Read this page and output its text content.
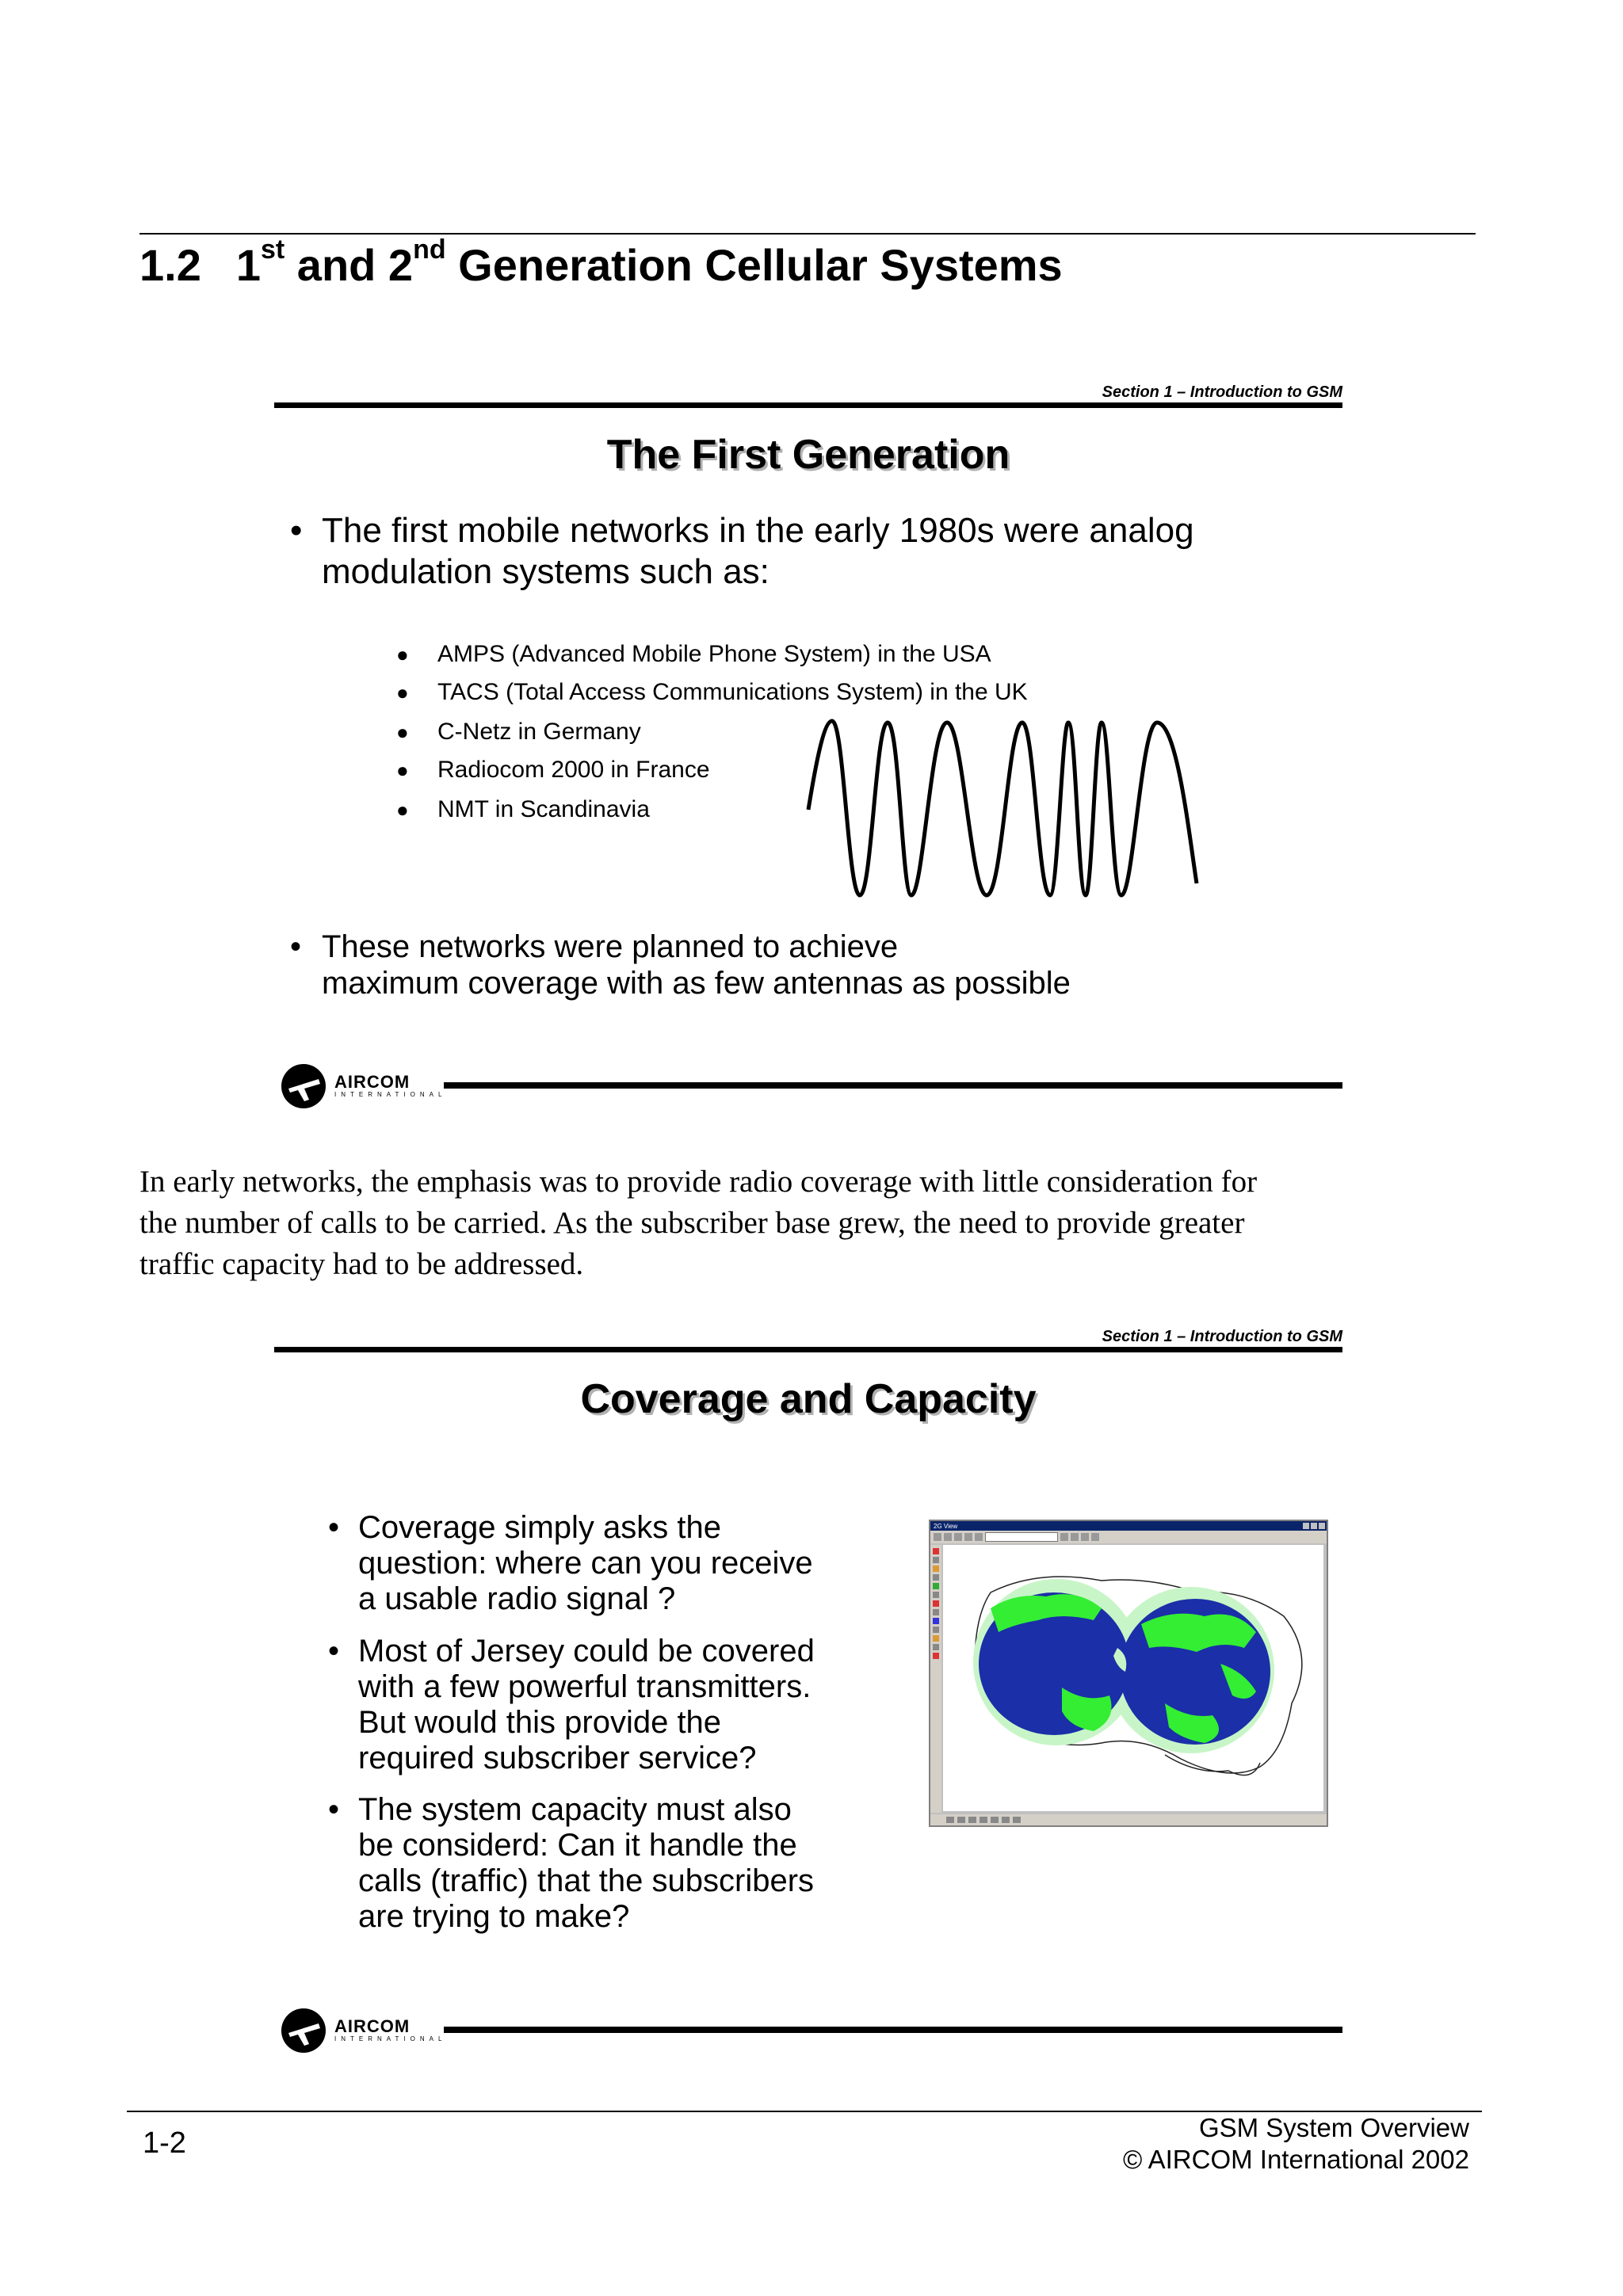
1.2 1st and 2nd Generation Cellular Systems
Section 1 – Introduction to GSM
The First Generation
• The first mobile networks in the early 1980s were analog
modulation systems such as:
● AMPS (Advanced Mobile Phone System) in the USA
● TACS (Total Access Communications System) in the UK
● C-Netz in Germany
● Radiocom 2000 in France
● NMT in Scandinavia
• These networks were planned to achieve
maximum coverage with as few antennas as possible
AIRCOM
INTERNATIONAL
In early networks, the emphasis was to provide radio coverage with little consideration for
the number of calls to be carried. As the subscriber base grew, the need to provide greater
traffic capacity had to be addressed.
Section 1 – Introduction to GSM
Coverage and Capacity
• Coverage simply asks the
question: where can you receive
a usable radio signal ?
• Most of Jersey could be covered
with a few powerful transmitters.
But would this provide the
required subscriber service?
• The system capacity must also
be considerd: Can it handle the
calls (traffic) that the subscribers
are trying to make?
2G View
AIRCOM
INTERNATIONAL
1-2	GSM System Overview
© AIRCOM International 2002
